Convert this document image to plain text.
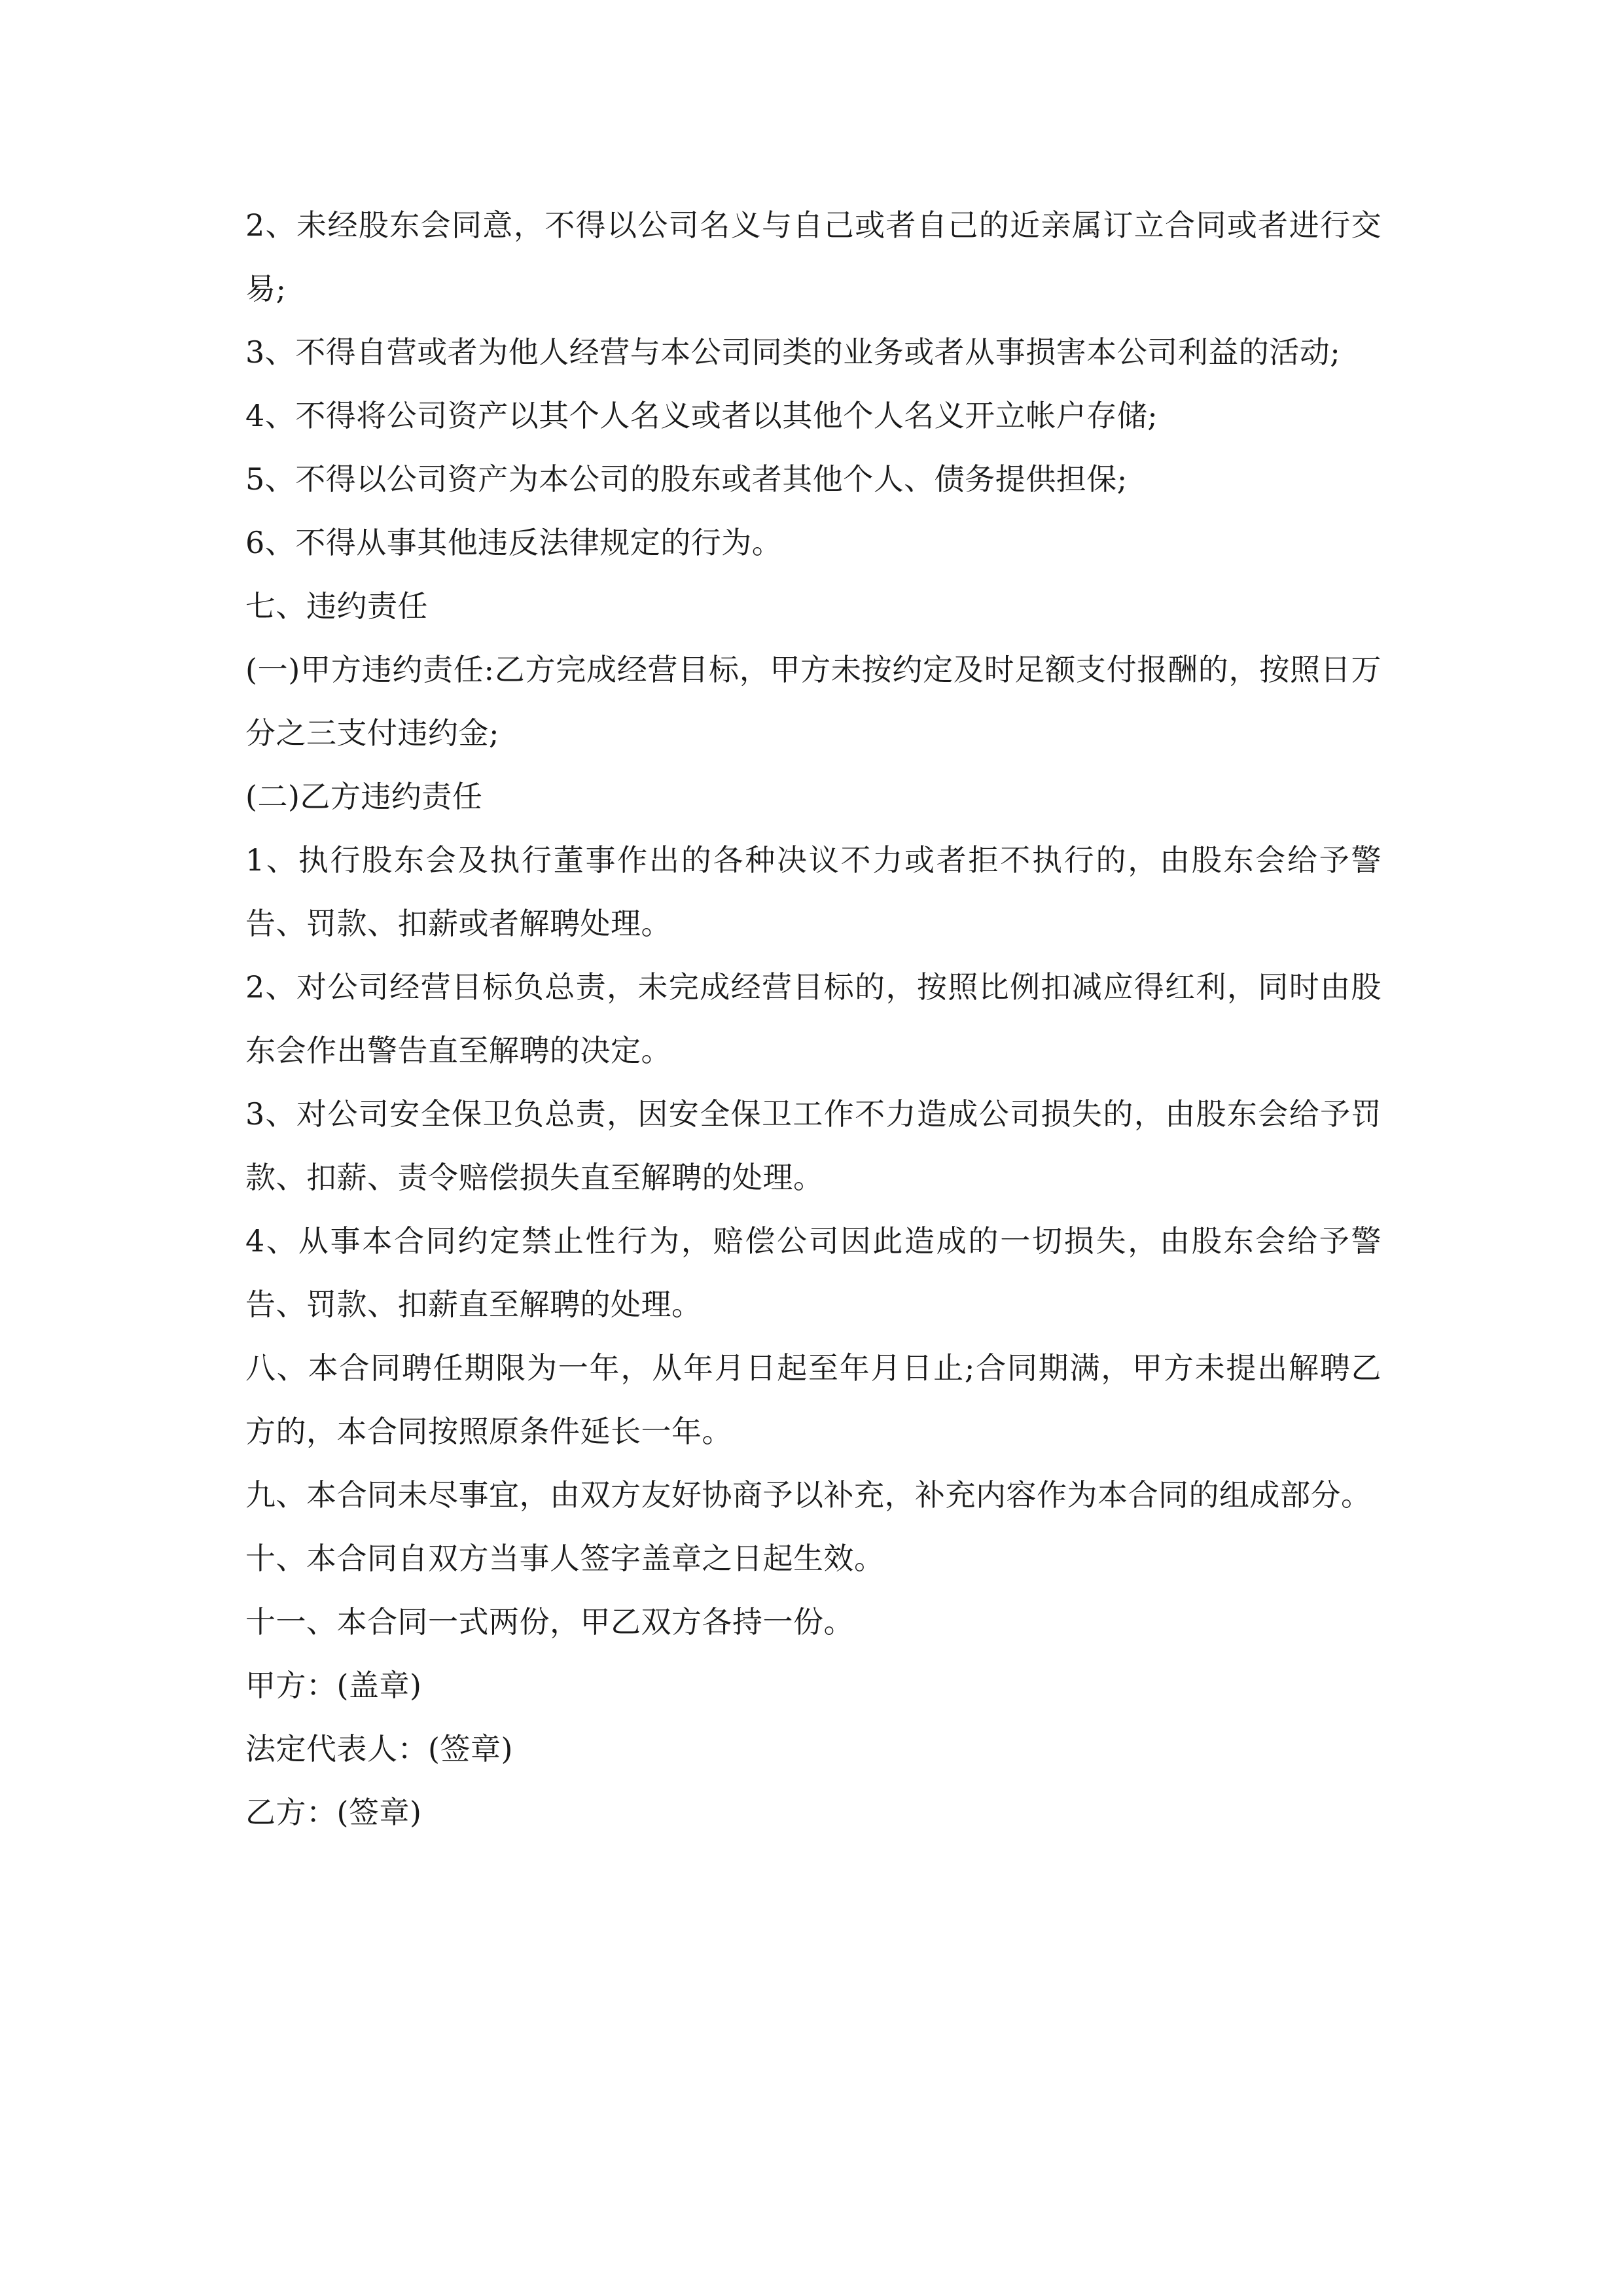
2、未经股东会同意，不得以公司名义与自己或者自己的近亲属订立合同或者进行交易;

3、不得自营或者为他人经营与本公司同类的业务或者从事损害本公司利益的活动;

4、不得将公司资产以其个人名义或者以其他个人名义开立帐户存储;

5、不得以公司资产为本公司的股东或者其他个人、债务提供担保;

6、不得从事其他违反法律规定的行为。

七、违约责任

(一)甲方违约责任:乙方完成经营目标，甲方未按约定及时足额支付报酬的，按照日万分之三支付违约金;

(二)乙方违约责任

1、执行股东会及执行董事作出的各种决议不力或者拒不执行的，由股东会给予警告、罚款、扣薪或者解聘处理。

2、对公司经营目标负总责，未完成经营目标的，按照比例扣减应得红利，同时由股东会作出警告直至解聘的决定。

3、对公司安全保卫负总责，因安全保卫工作不力造成公司损失的，由股东会给予罚款、扣薪、责令赔偿损失直至解聘的处理。

4、从事本合同约定禁止性行为，赔偿公司因此造成的一切损失，由股东会给予警告、罚款、扣薪直至解聘的处理。

八、本合同聘任期限为一年，从年月日起至年月日止;合同期满，甲方未提出解聘乙方的，本合同按照原条件延长一年。

九、本合同未尽事宜，由双方友好协商予以补充，补充内容作为本合同的组成部分。

十、本合同自双方当事人签字盖章之日起生效。

十一、本合同一式两份，甲乙双方各持一份。

甲方：(盖章)

法定代表人：(签章)

乙方：(签章)
